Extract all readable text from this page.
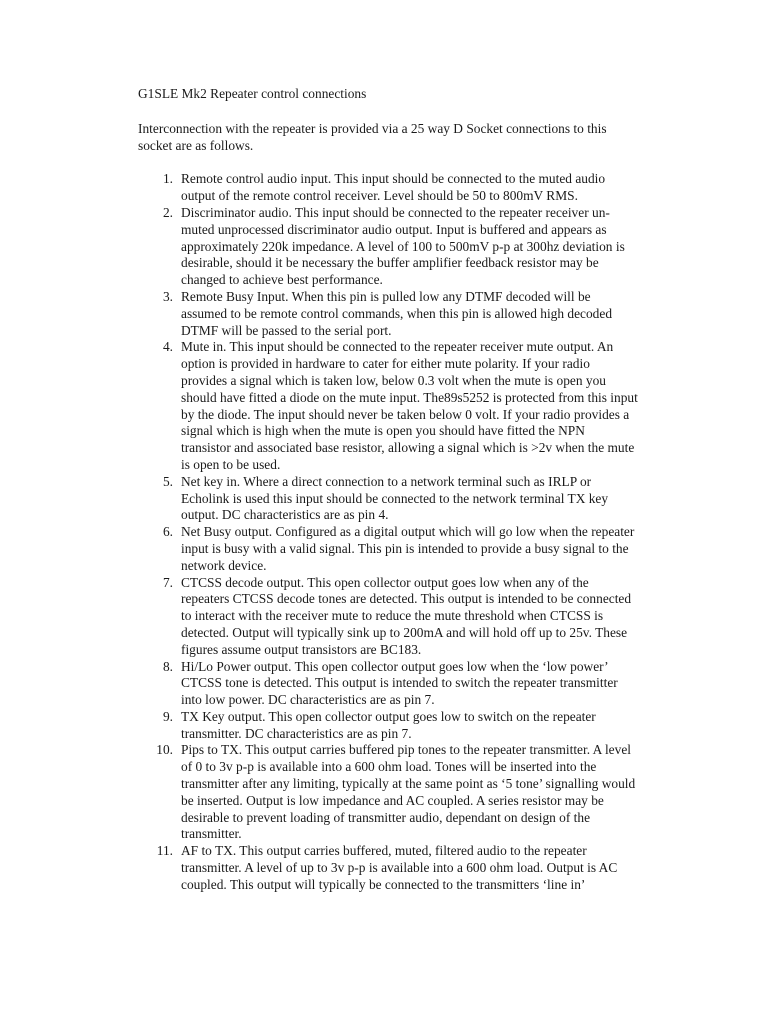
G1SLE Mk2 Repeater control connections

Interconnection with the repeater is provided via a 25 way D Socket connections to this socket are as follows.

1. Remote control audio input. This input should be connected to the muted audio output of the remote control receiver. Level should be 50 to 800mV RMS.
2. Discriminator audio. This input should be connected to the repeater receiver un-muted unprocessed discriminator audio output. Input is buffered and appears as approximately 220k impedance. A level of 100 to 500mV p-p at 300hz deviation is desirable, should it be necessary the buffer amplifier feedback resistor may be changed to achieve best performance.
3. Remote Busy Input. When this pin is pulled low any DTMF decoded will be assumed to be remote control commands, when this pin is allowed high decoded DTMF will be passed to the serial port.
4. Mute in. This input should be connected to the repeater receiver mute output. An option is provided in hardware to cater for either mute polarity. If your radio provides a signal which is taken low, below 0.3 volt when the mute is open you should have fitted a diode on the mute input. The89s5252 is protected from this input by the diode. The input should never be taken below 0 volt. If your radio provides a signal which is high when the mute is open you should have fitted the NPN transistor and associated base resistor, allowing a signal which is >2v when the mute is open to be used.
5. Net key in. Where a direct connection to a network terminal such as IRLP or Echolink is used this input should be connected to the network terminal TX key output. DC characteristics are as pin 4.
6. Net Busy output. Configured as a digital output which will go low when the repeater input is busy with a valid signal. This pin is intended to provide a busy signal to the network device.
7. CTCSS decode output. This open collector output goes low when any of the repeaters CTCSS decode tones are detected. This output is intended to be connected to interact with the receiver mute to reduce the mute threshold when CTCSS is detected. Output will typically sink up to 200mA and will hold off up to 25v. These figures assume output transistors are BC183.
8. Hi/Lo Power output. This open collector output goes low when the ‘low power’ CTCSS tone is detected. This output is intended to switch the repeater transmitter into low power. DC characteristics are as pin 7.
9. TX Key output. This open collector output goes low to switch on the repeater transmitter. DC characteristics are as pin 7.
10. Pips to TX. This output carries buffered pip tones to the repeater transmitter. A level of 0 to 3v p-p is available into a 600 ohm load. Tones will be inserted into the transmitter after any limiting, typically at the same point as ‘5 tone’ signalling would be inserted. Output is low impedance and AC coupled. A series resistor may be desirable to prevent loading of transmitter audio, dependant on design of the transmitter.
11. AF to TX. This output carries buffered, muted, filtered audio to the repeater transmitter. A level of up to 3v p-p is available into a 600 ohm load. Output is AC coupled. This output will typically be connected to the transmitters ‘line in’
